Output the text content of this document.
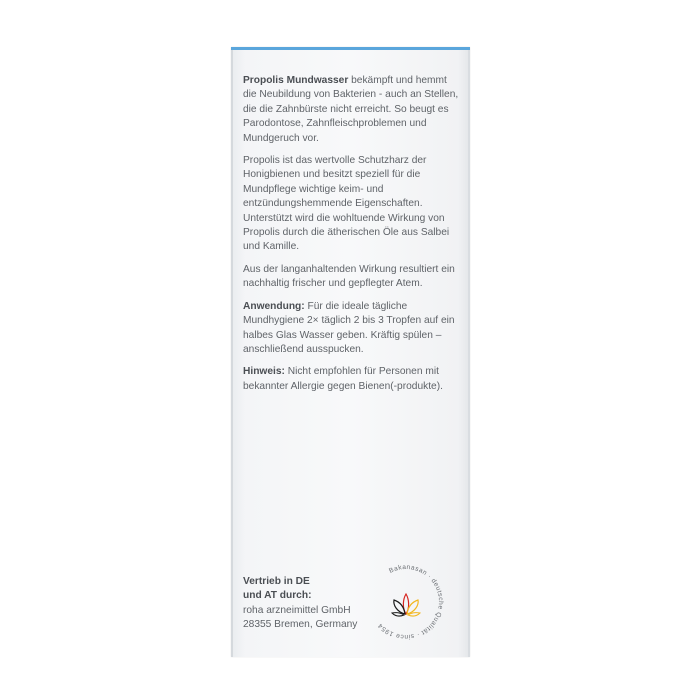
Propolis Mundwasser bekämpft und hemmt die Neubildung von Bakterien - auch an Stellen, die die Zahnbürste nicht erreicht. So beugt es Parodontose, Zahnfleischproblemen und Mundgeruch vor.

Propolis ist das wertvolle Schutzharz der Honigbienen und besitzt speziell für die Mundpflege wichtige keim- und entzündungshemmende Eigenschaften. Unterstützt wird die wohltuende Wirkung von Propolis durch die ätherischen Öle aus Salbei und Kamille.

Aus der langanhaltenden Wirkung resultiert ein nachhaltig frischer und gepflegter Atem.

Anwendung: Für die ideale tägliche Mundhygiene 2× täglich 2 bis 3 Tropfen auf ein halbes Glas Wasser geben. Kräftig spülen – anschließend ausspucken.

Hinweis: Nicht empfohlen für Personen mit bekannter Allergie gegen Bienen(-produkte).

Vertrieb in DE
und AT durch:
roha arzneimittel GmbH
28355 Bremen, Germany
Bakanasan · deutsche Qualität · since 1954
